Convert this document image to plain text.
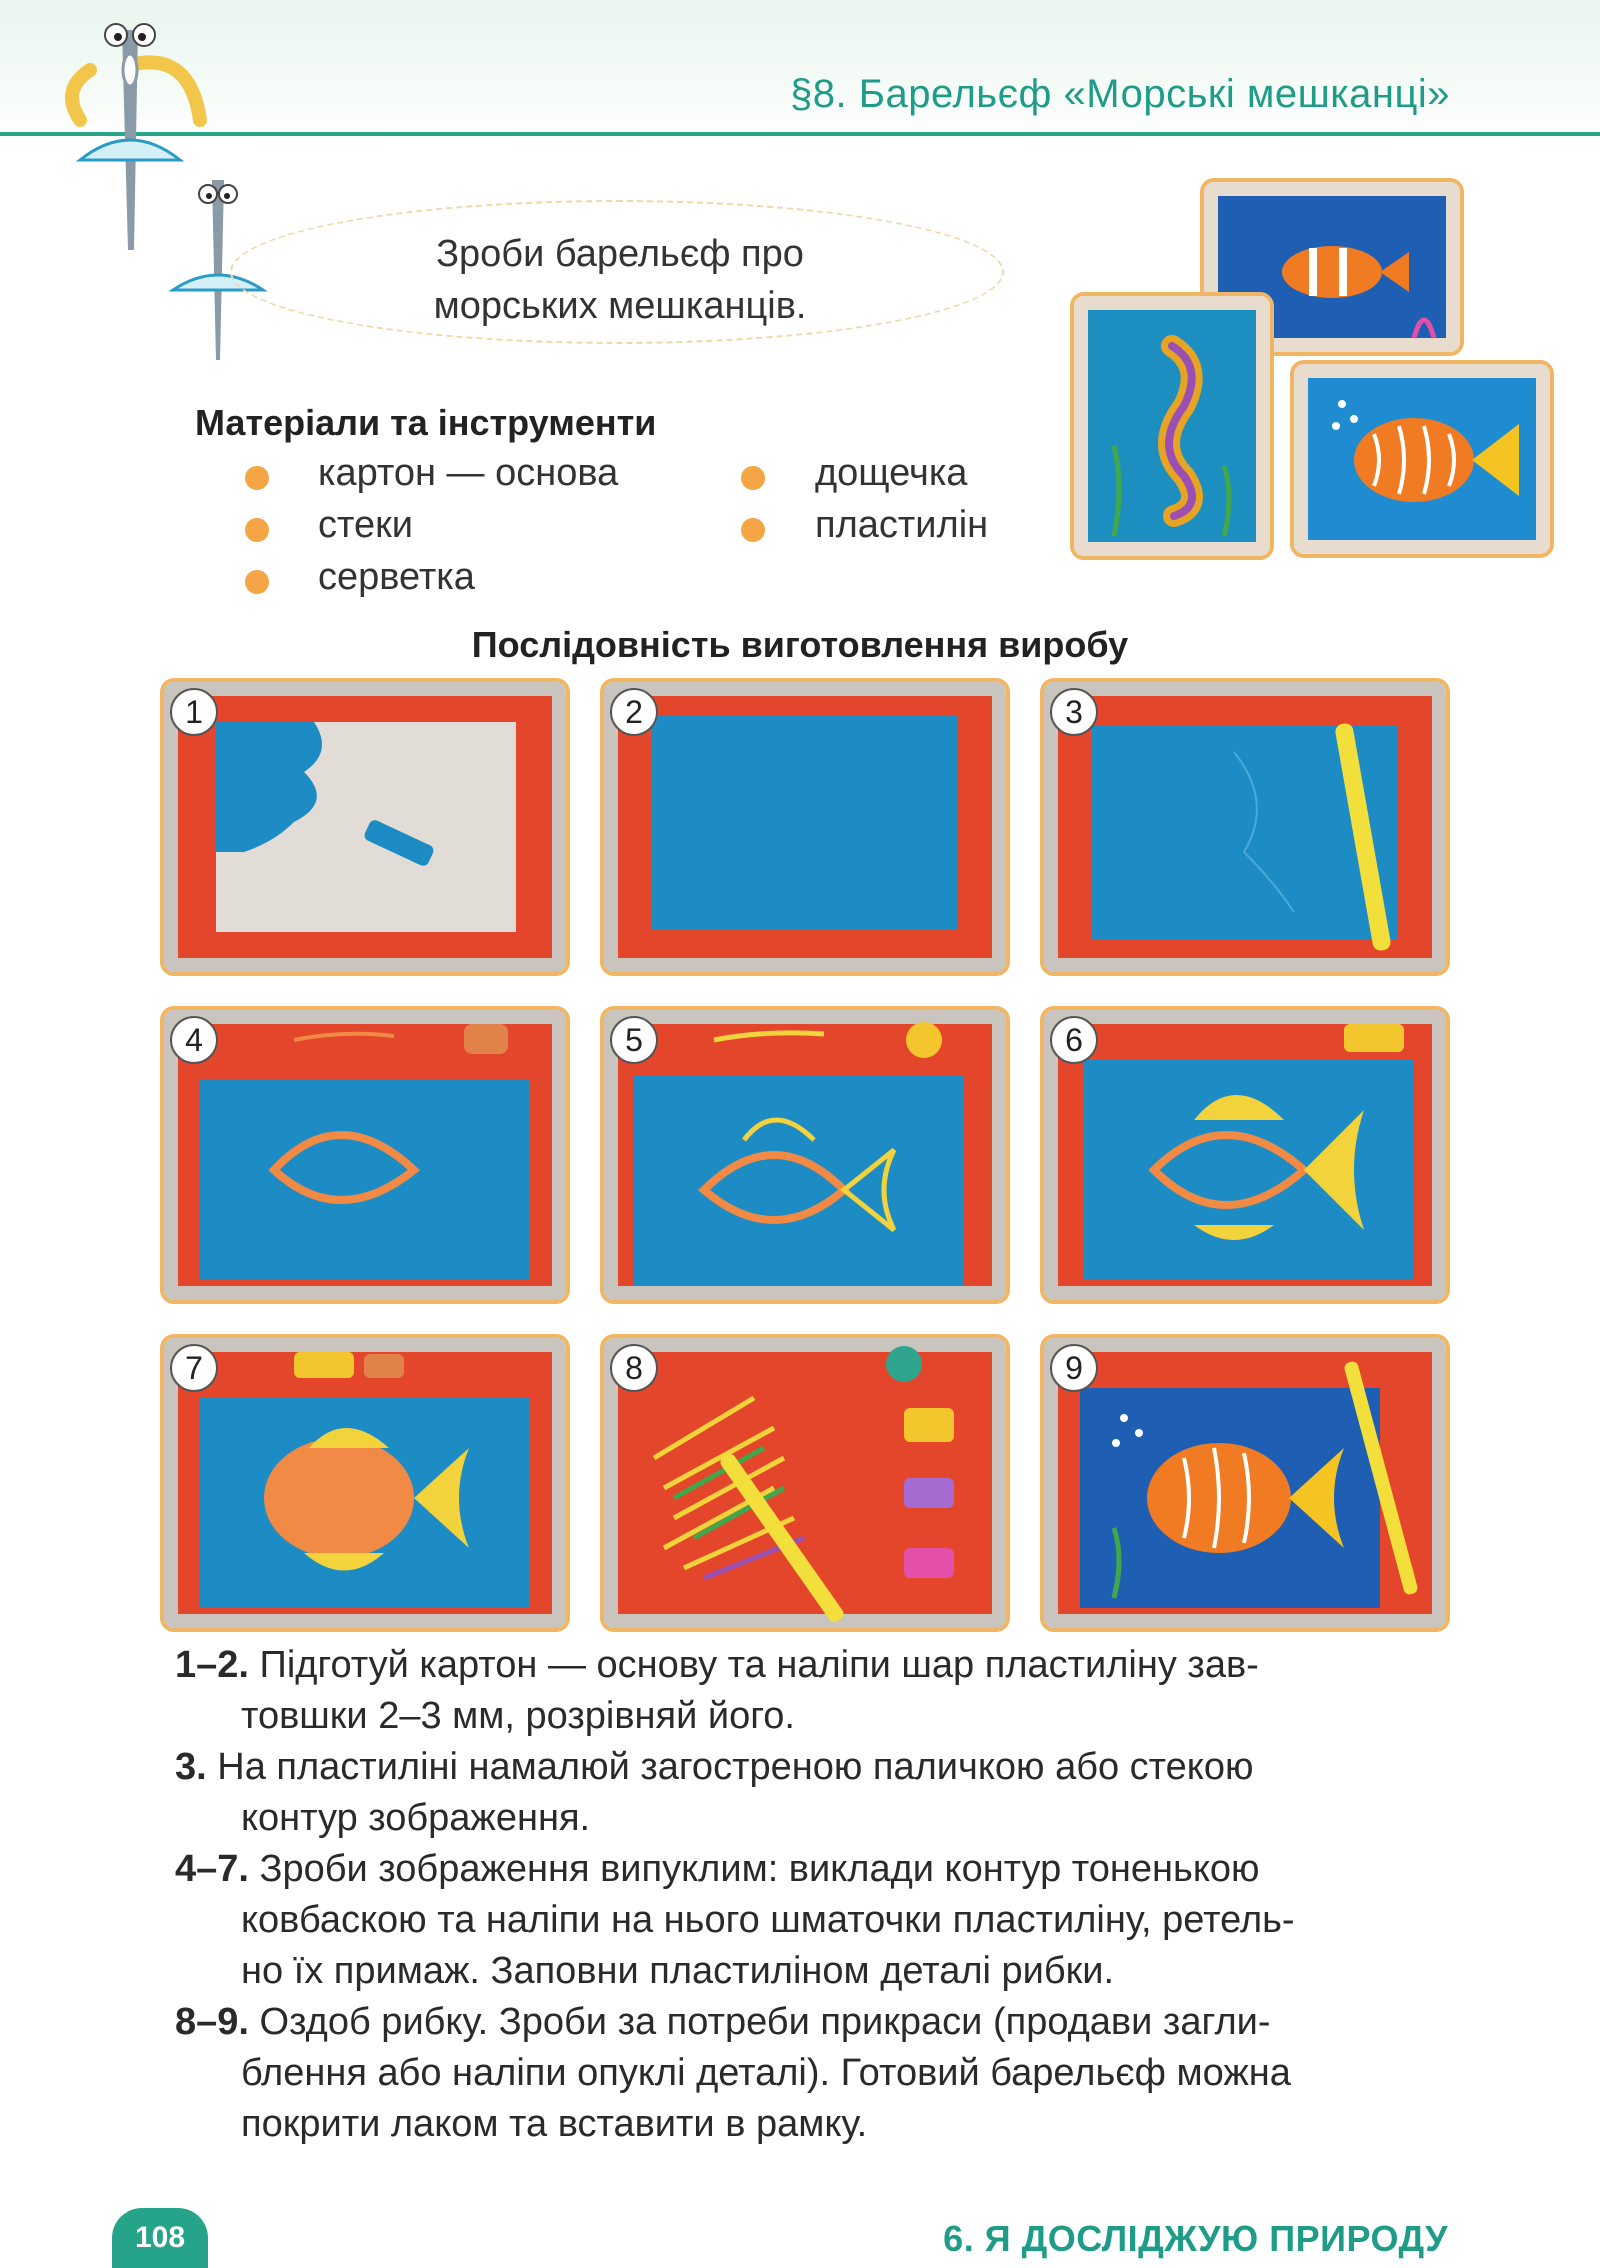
§8. Барельєф «Морські мешканці»
Зроби барельєф про
морських мешканців.
Матеріали та інструменти
картон — основа
стеки
серветка
дощечка
пластилін
Послідовність виготовлення виробу
1	2	3
4	5	6
7	8	9

1–2. Підготуй картон — основу та наліпи шар пластиліну зав-
товшки 2–3 мм, розрівняй його.

3. На пластиліні намалюй загостреною паличкою або стекою
контур зображення.

4–7. Зроби зображення випуклим: виклади контур тоненькою
ковбаскою та наліпи на нього шматочки пластиліну, ретель-
но їх примаж. Заповни пластиліном деталі рибки.

8–9. Оздоб рибку. Зроби за потреби прикраси (продави загли-
блення або наліпи опуклі деталі). Готовий барельєф можна
покрити лаком та вставити в рамку.

108	6. Я ДОСЛІДЖУЮ ПРИРОДУ
